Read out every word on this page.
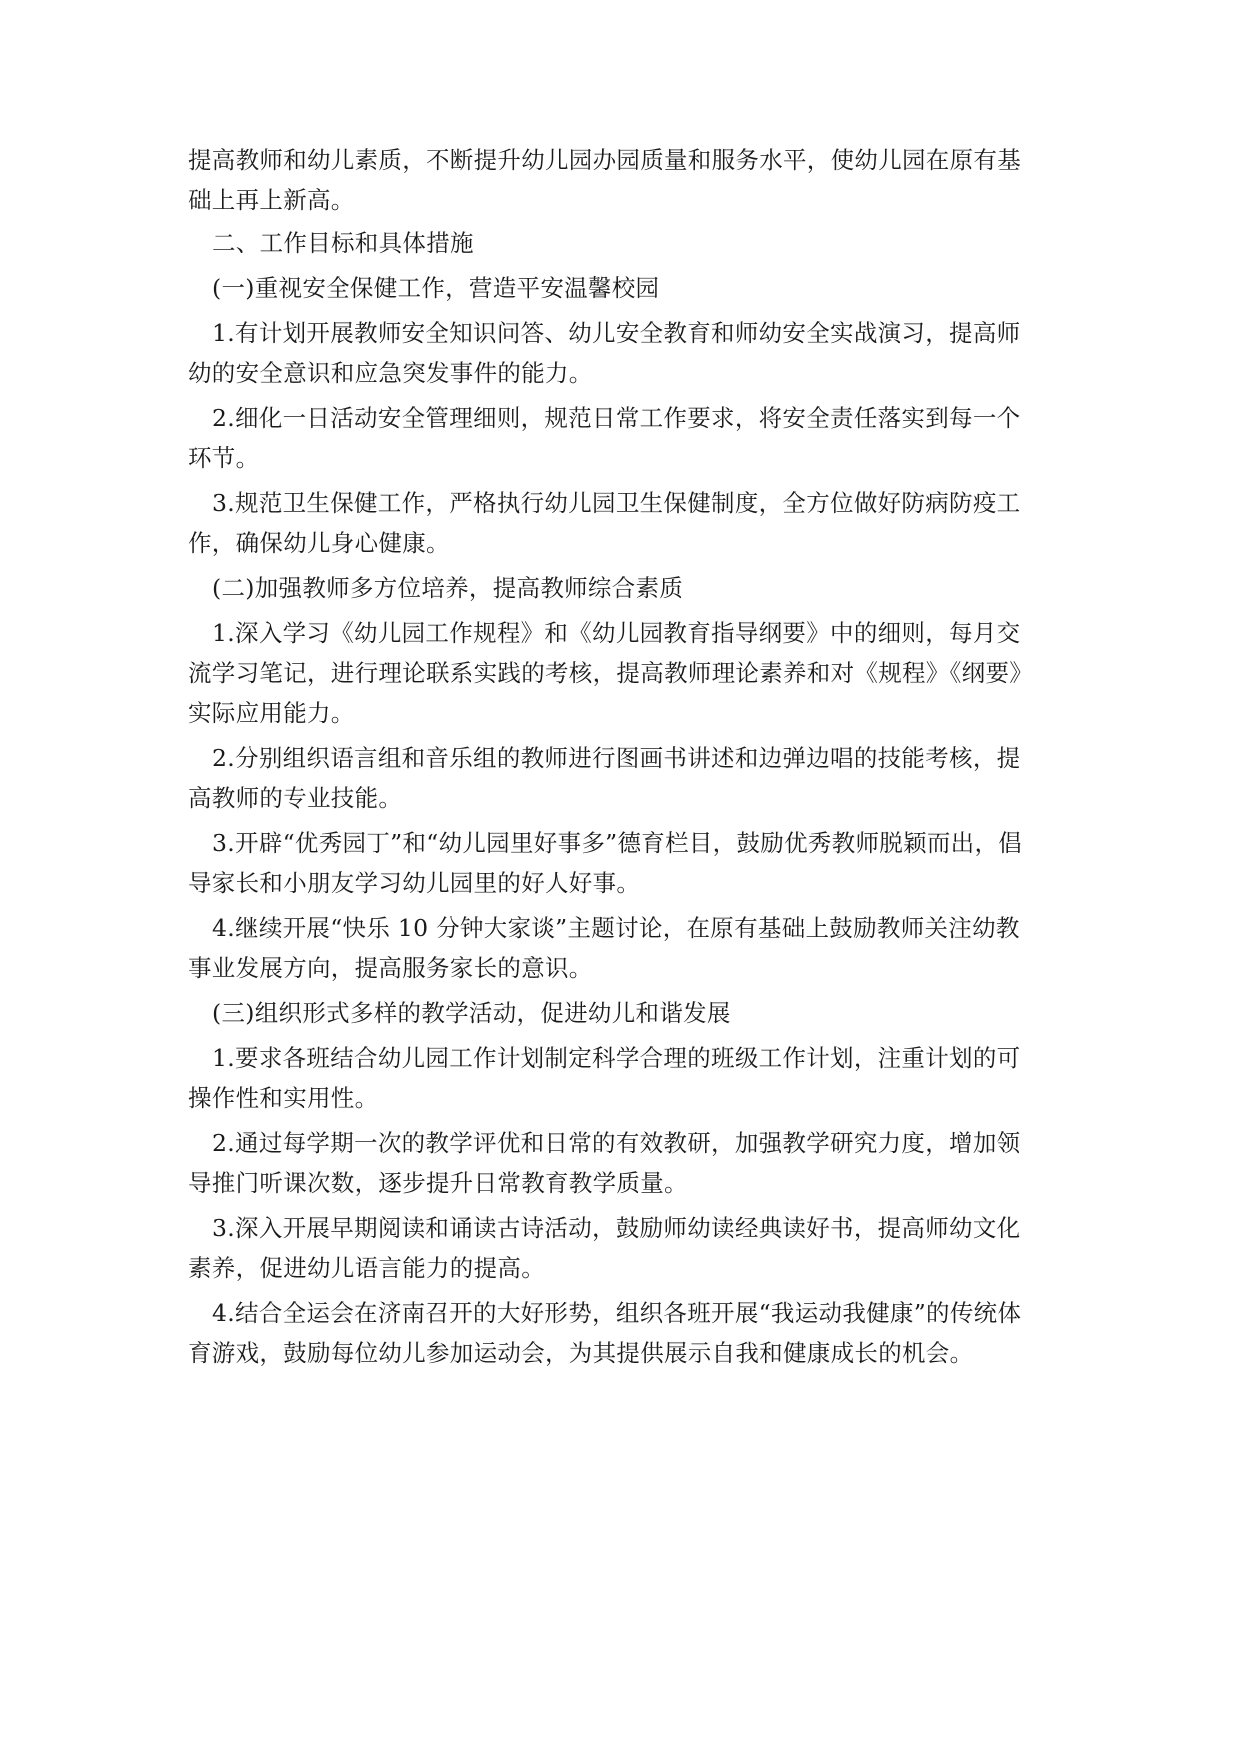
提高教师和幼儿素质，不断提升幼儿园办园质量和服务水平，使幼儿园在原有基
础上再上新高。
二、工作目标和具体措施
(一)重视安全保健工作，营造平安温馨校园
1.有计划开展教师安全知识问答、幼儿安全教育和师幼安全实战演习，提高师
幼的安全意识和应急突发事件的能力。
2.细化一日活动安全管理细则，规范日常工作要求，将安全责任落实到每一个
环节。
3.规范卫生保健工作，严格执行幼儿园卫生保健制度，全方位做好防病防疫工
作，确保幼儿身心健康。
(二)加强教师多方位培养，提高教师综合素质
1.深入学习《幼儿园工作规程》和《幼儿园教育指导纲要》中的细则，每月交
流学习笔记，进行理论联系实践的考核，提高教师理论素养和对《规程》《纲要》
实际应用能力。
2.分别组织语言组和音乐组的教师进行图画书讲述和边弹边唱的技能考核，提
高教师的专业技能。
3.开辟“优秀园丁”和“幼儿园里好事多”德育栏目，鼓励优秀教师脱颖而出，倡
导家长和小朋友学习幼儿园里的好人好事。
4.继续开展“快乐 10 分钟大家谈”主题讨论，在原有基础上鼓励教师关注幼教
事业发展方向，提高服务家长的意识。
(三)组织形式多样的教学活动，促进幼儿和谐发展
1.要求各班结合幼儿园工作计划制定科学合理的班级工作计划，注重计划的可
操作性和实用性。
2.通过每学期一次的教学评优和日常的有效教研，加强教学研究力度，增加领
导推门听课次数，逐步提升日常教育教学质量。
3.深入开展早期阅读和诵读古诗活动，鼓励师幼读经典读好书，提高师幼文化
素养，促进幼儿语言能力的提高。
4.结合全运会在济南召开的大好形势，组织各班开展“我运动我健康”的传统体
育游戏，鼓励每位幼儿参加运动会，为其提供展示自我和健康成长的机会。
